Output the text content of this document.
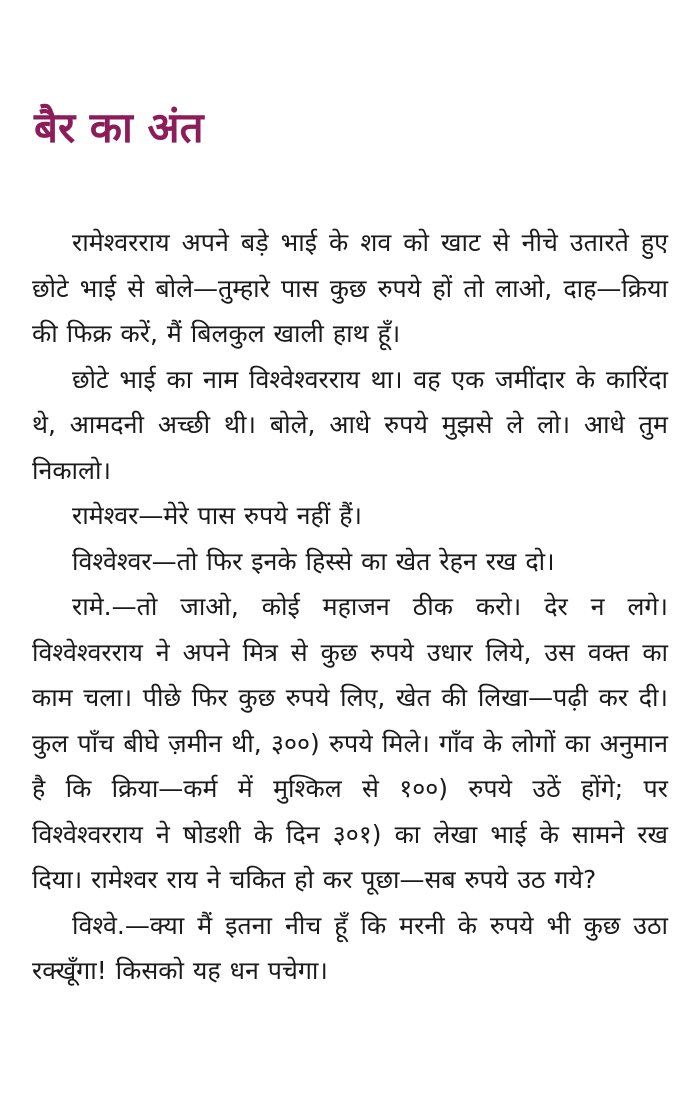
बैर का अंत

रामेश्वरराय अपने बड़े भाई के शव को खाट से नीचे उतारते हुए छोटे भाई से बोले—तुम्हारे पास कुछ रुपये हों तो लाओ, दाह—क्रिया की फिक्र करें, मैं बिलकुल खाली हाथ हूँ।

छोटे भाई का नाम विश्वेश्वरराय था। वह एक जमींदार के कारिंदा थे, आमदनी अच्छी थी। बोले, आधे रुपये मुझसे ले लो। आधे तुम निकालो।

रामेश्वर—मेरे पास रुपये नहीं हैं।

विश्वेश्वर—तो फिर इनके हिस्से का खेत रेहन रख दो।

रामे.—तो जाओ, कोई महाजन ठीक करो। देर न लगे। विश्वेश्वरराय ने अपने मित्र से कुछ रुपये उधार लिये, उस वक्त का काम चला। पीछे फिर कुछ रुपये लिए, खेत की लिखा—पढ़ी कर दी। कुल पाँच बीघे ज़मीन थी, ३००) रुपये मिले। गाँव के लोगों का अनुमान है कि क्रिया—कर्म में मुश्किल से १००) रुपये उठें होंगे; पर विश्वेश्वरराय ने षोडशी के दिन ३०१) का लेखा भाई के सामने रख दिया। रामेश्वर राय ने चकित हो कर पूछा—सब रुपये उठ गये?

विश्वे.—क्या मैं इतना नीच हूँ कि मरनी के रुपये भी कुछ उठा रक्खूँगा! किसको यह धन पचेगा।
